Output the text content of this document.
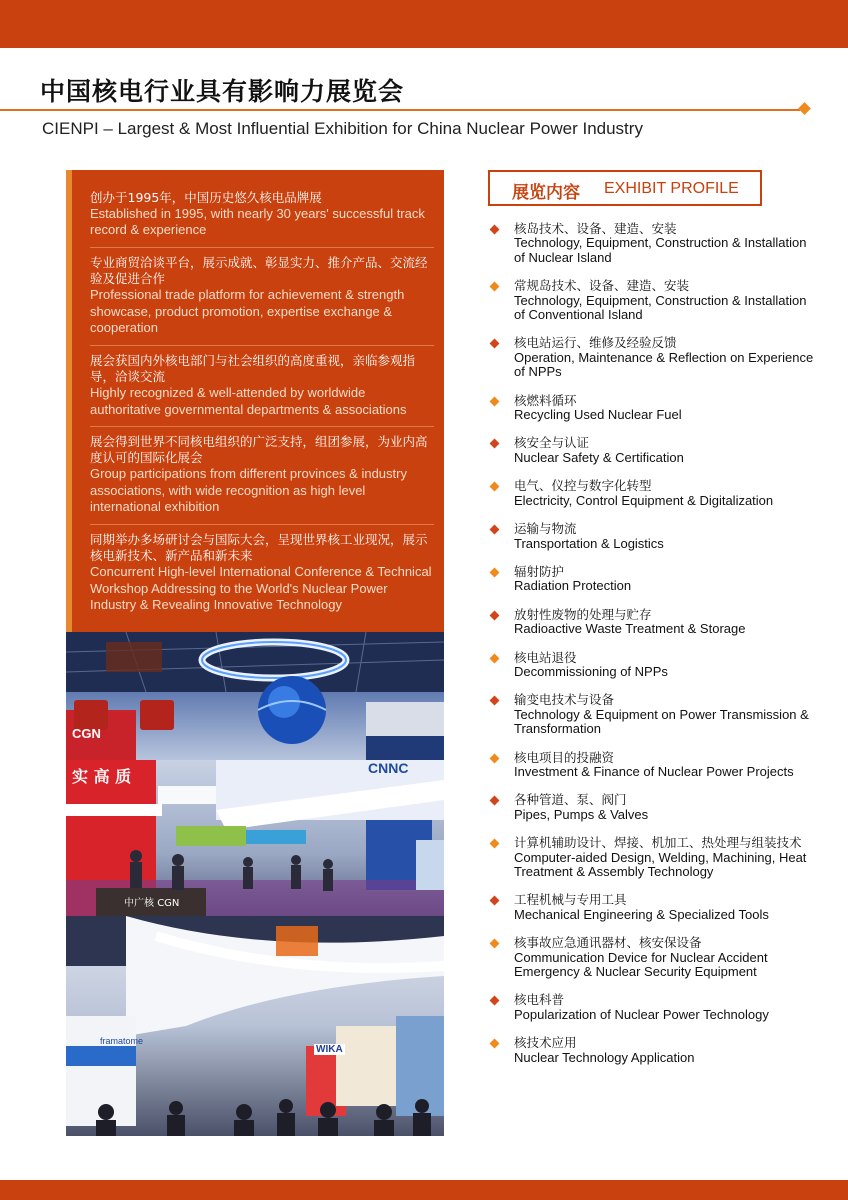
中国核电行业具有影响力展览会
CIENPI – Largest & Most Influential Exhibition for China Nuclear Power Industry
创办于1995年，中国历史悠久核电品牌展
Established in 1995, with nearly 30 years' successful track record & experience
专业商贸洽谈平台，展示成就、彰显实力、推介产品、交流经验及促进合作
Professional trade platform for achievement & strength showcase, product promotion, expertise exchange & cooperation
展会获国内外核电部门与社会组织的高度重视，亲临参观指导，洽谈交流
Highly recognized & well-attended by worldwide authoritative governmental departments & associations
展会得到世界不同核电组织的广泛支持，组团参展，为业内高度认可的国际化展会
Group participations from different provinces & industry associations, with wide recognition as high level international exhibition
同期举办多场研讨会与国际大会，呈现世界核工业现况，展示核电新技术、新产品和新未来
Concurrent High-level International Conference & Technical Workshop Addressing to the World's Nuclear Power Industry & Revealing Innovative Technology
CGN
实 高 质	CNNC
中广核 CGN
framatome
WIKA
展览内容 EXHIBIT PROFILE
核岛技术、设备、建造、安装
Technology, Equipment, Construction & Installation of Nuclear Island
常规岛技术、设备、建造、安装
Technology, Equipment, Construction & Installation of Conventional Island
核电站运行、维修及经验反馈
Operation, Maintenance & Reflection on Experience of NPPs
核燃料循环
Recycling Used Nuclear Fuel
核安全与认证
Nuclear Safety & Certification
电气、仪控与数字化转型
Electricity, Control Equipment & Digitalization
运输与物流
Transportation & Logistics
辐射防护
Radiation Protection
放射性废物的处理与贮存
Radioactive Waste Treatment & Storage
核电站退役
Decommissioning of NPPs
输变电技术与设备
Technology & Equipment on Power Transmission & Transformation
核电项目的投融资
Investment & Finance of Nuclear Power Projects
各种管道、泵、阀门
Pipes, Pumps & Valves
计算机辅助设计、焊接、机加工、热处理与组装技术
Computer-aided Design, Welding, Machining, Heat Treatment & Assembly Technology
工程机械与专用工具
Mechanical Engineering & Specialized Tools
核事故应急通讯器材、核安保设备
Communication Device for Nuclear Accident Emergency & Nuclear Security Equipment
核电科普
Popularization of Nuclear Power Technology
核技术应用
Nuclear Technology Application
